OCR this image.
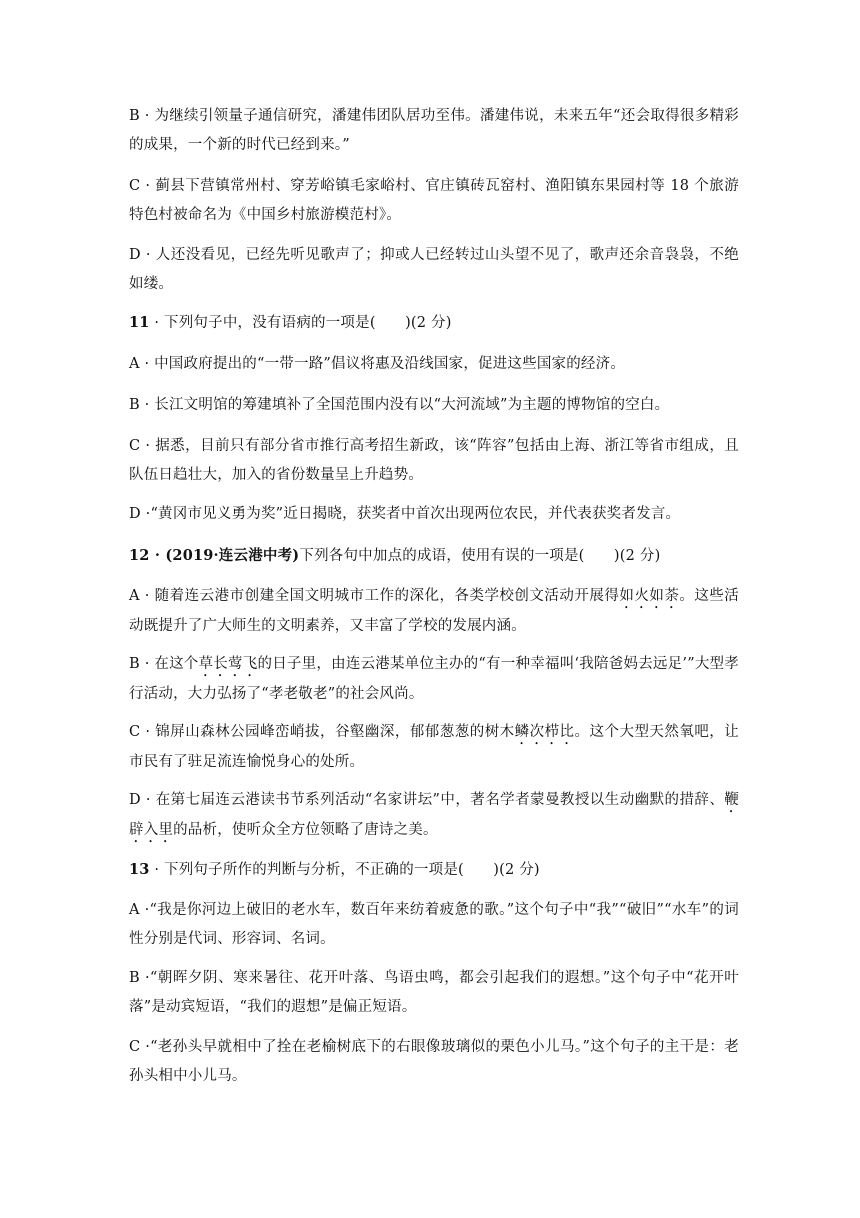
B · 为继续引领量子通信研究，潘建伟团队居功至伟。潘建伟说，未来五年“还会取得很多精彩的成果，一个新的时代已经到来。”
C · 蓟县下营镇常州村、穿芳峪镇毛家峪村、官庄镇砖瓦窑村、渔阳镇东果园村等 18 个旅游特色村被命名为《中国乡村旅游模范村》。
D · 人还没看见，已经先听见歌声了；抑或人已经转过山头望不见了，歌声还余音袅袅，不绝如缕。
11 · 下列句子中，没有语病的一项是(　　)(2 分)
A · 中国政府提出的“一带一路”倡议将惠及沿线国家，促进这些国家的经济。
B · 长江文明馆的筹建填补了全国范围内没有以“大河流域”为主题的博物馆的空白。
C · 据悉，目前只有部分省市推行高考招生新政，该“阵容”包括由上海、浙江等省市组成，且队伍日趋壮大，加入的省份数量呈上升趋势。
D ·“黄冈市见义勇为奖”近日揭晓，获奖者中首次出现两位农民，并代表获奖者发言。
12 · (2019·连云港中考)下列各句中加点的成语，使用有误的一项是(　　)(2 分)
A · 随着连云港市创建全国文明城市工作的深化，各类学校创文活动开展得如火如荼。这些活动既提升了广大师生的文明素养，又丰富了学校的发展内涵。
B · 在这个草长莺飞的日子里，由连云港某单位主办的“有一种幸福叫‘我陪爸妈去远足’”大型孝行活动，大力弘扬了“孝老敬老”的社会风尚。
C · 锦屏山森林公园峰峦峭拔，谷壑幽深，郁郁葱葱的树木鳞次栉比。这个大型天然氧吧，让市民有了驻足流连愉悦身心的处所。
D · 在第七届连云港读书节系列活动“名家讲坛”中，著名学者蒙曼教授以生动幽默的措辞、鞭辟入里的品析，使听众全方位领略了唐诗之美。
13 · 下列句子所作的判断与分析，不正确的一项是(　　)(2 分)
A ·“我是你河边上破旧的老水车，数百年来纺着疲惫的歌。”这个句子中“我”“破旧”“水车”的词性分别是代词、形容词、名词。
B ·“朝晖夕阴、寒来暑往、花开叶落、鸟语虫鸣，都会引起我们的遐想。”这个句子中“花开叶落”是动宾短语，“我们的遐想”是偏正短语。
C ·“老孙头早就相中了拴在老榆树底下的右眼像玻璃似的栗色小儿马。”这个句子的主干是：老孙头相中小儿马。
